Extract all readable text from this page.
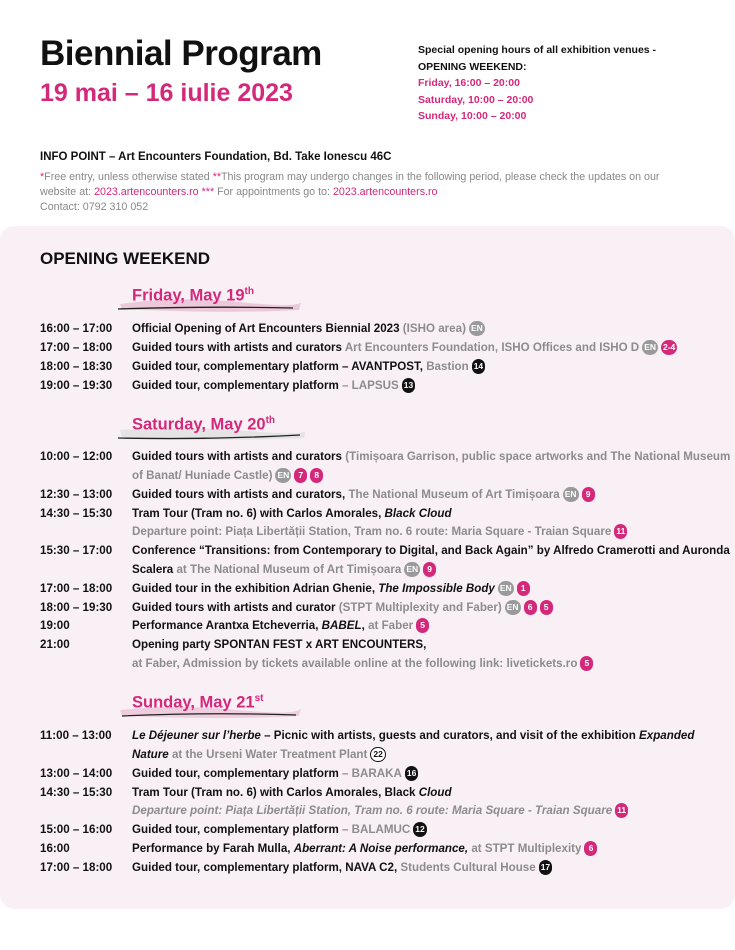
Biennial Program
19 mai – 16 iulie 2023
Special opening hours of all exhibition venues -
OPENING WEEKEND:
Friday, 16:00 – 20:00
Saturday, 10:00 – 20:00
Sunday, 10:00 – 20:00
INFO POINT – Art Encounters Foundation, Bd. Take Ionescu 46C
*Free entry, unless otherwise stated **This program may undergo changes in the following period, please check the updates on our website at: 2023.artencounters.ro *** For appointments go to: 2023.artencounters.ro
Contact: 0792 310 052
OPENING WEEKEND
Friday, May 19th
Saturday, May 20th
Sunday, May 21st
16:00 – 17:00	Official Opening of Art Encounters Biennial 2023 (ISHO area) EN
17:00 – 18:00	Guided tours with artists and curators Art Encounters Foundation, ISHO Offices and ISHO D EN 2-4
18:00 – 18:30	Guided tour, complementary platform – AVANTPOST, Bastion 14
19:00 – 19:30	Guided tour, complementary platform – LAPSUS 13
10:00 – 12:00	Guided tours with artists and curators (Timișoara Garrison, public space artworks and The National Museum of Banat/ Huniade Castle) EN 7 8
12:30 – 13:00	Guided tours with artists and curators, The National Museum of Art Timișoara EN 9
14:30 – 15:30	Tram Tour (Tram no. 6) with Carlos Amorales, Black Cloud
Departure point: Piața Libertății Station, Tram no. 6 route: Maria Square - Traian Square 11
15:30 – 17:00	Conference “Transitions: from Contemporary to Digital, and Back Again” by Alfredo Cramerotti and Auronda Scalera at The National Museum of Art Timișoara EN 9
17:00 – 18:00	Guided tour in the exhibition Adrian Ghenie, The Impossible Body EN 1
18:00 – 19:30	Guided tours with artists and curator (STPT Multiplexity and Faber) EN 6 5
19:00	Performance Arantxa Etcheverria, BABEL, at Faber 5
21:00	Opening party SPONTAN FEST x ART ENCOUNTERS,
at Faber, Admission by tickets available online at the following link: livetickets.ro 5
11:00 – 13:00	Le Déjeuner sur l’herbe – Picnic with artists, guests and curators, and visit of the exhibition Expanded Nature at the Urseni Water Treatment Plant 22
13:00 – 14:00	Guided tour, complementary platform – BARAKA 16
14:30 – 15:30	Tram Tour (Tram no. 6) with Carlos Amorales, Black Cloud
Departure point: Piața Libertății Station, Tram no. 6 route: Maria Square - Traian Square 11
15:00 – 16:00	Guided tour, complementary platform – BALAMUC 12
16:00	Performance by Farah Mulla, Aberrant: A Noise performance, at STPT Multiplexity 6
17:00 – 18:00	Guided tour, complementary platform, NAVA C2, Students Cultural House 17
